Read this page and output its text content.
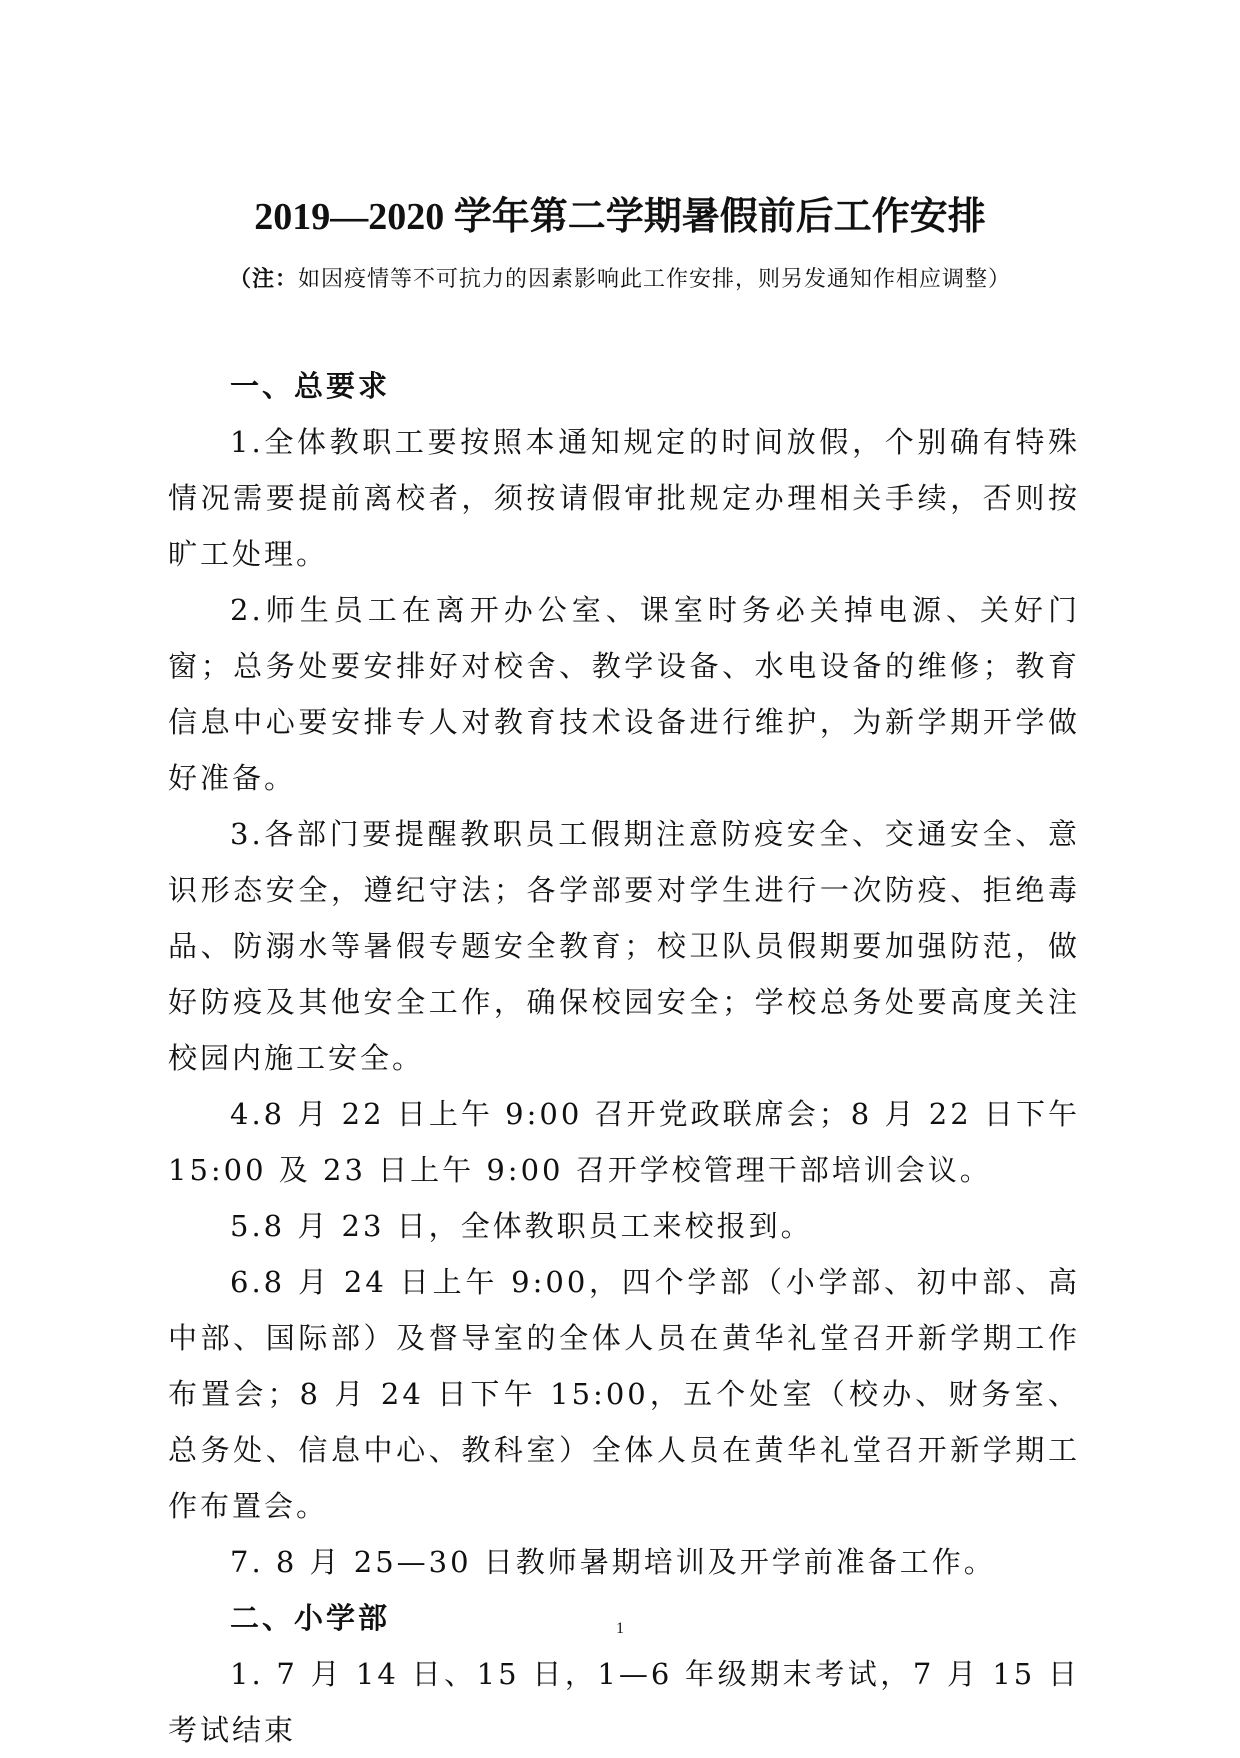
2019—2020 学年第二学期暑假前后工作安排
（注：如因疫情等不可抗力的因素影响此工作安排，则另发通知作相应调整）

一、总要求

1.全体教职工要按照本通知规定的时间放假，个别确有特殊情况需要提前离校者，须按请假审批规定办理相关手续，否则按旷工处理。

2.师生员工在离开办公室、课室时务必关掉电源、关好门窗；总务处要安排好对校舍、教学设备、水电设备的维修；教育信息中心要安排专人对教育技术设备进行维护，为新学期开学做好准备。

3.各部门要提醒教职员工假期注意防疫安全、交通安全、意识形态安全，遵纪守法；各学部要对学生进行一次防疫、拒绝毒品、防溺水等暑假专题安全教育；校卫队员假期要加强防范，做好防疫及其他安全工作，确保校园安全；学校总务处要高度关注校园内施工安全。

4.8 月 22 日上午 9:00 召开党政联席会；8 月 22 日下午 15:00 及 23 日上午 9:00 召开学校管理干部培训会议。

5.8 月 23 日，全体教职员工来校报到。

6.8 月 24 日上午 9:00，四个学部（小学部、初中部、高中部、国际部）及督导室的全体人员在黄华礼堂召开新学期工作布置会；8 月 24 日下午 15:00，五个处室（校办、财务室、总务处、信息中心、教科室）全体人员在黄华礼堂召开新学期工作布置会。

7. 8 月 25—30 日教师暑期培训及开学前准备工作。

二、小学部

1. 7 月 14 日、15 日，1—6 年级期末考试，7 月 15 日考试结束

1
